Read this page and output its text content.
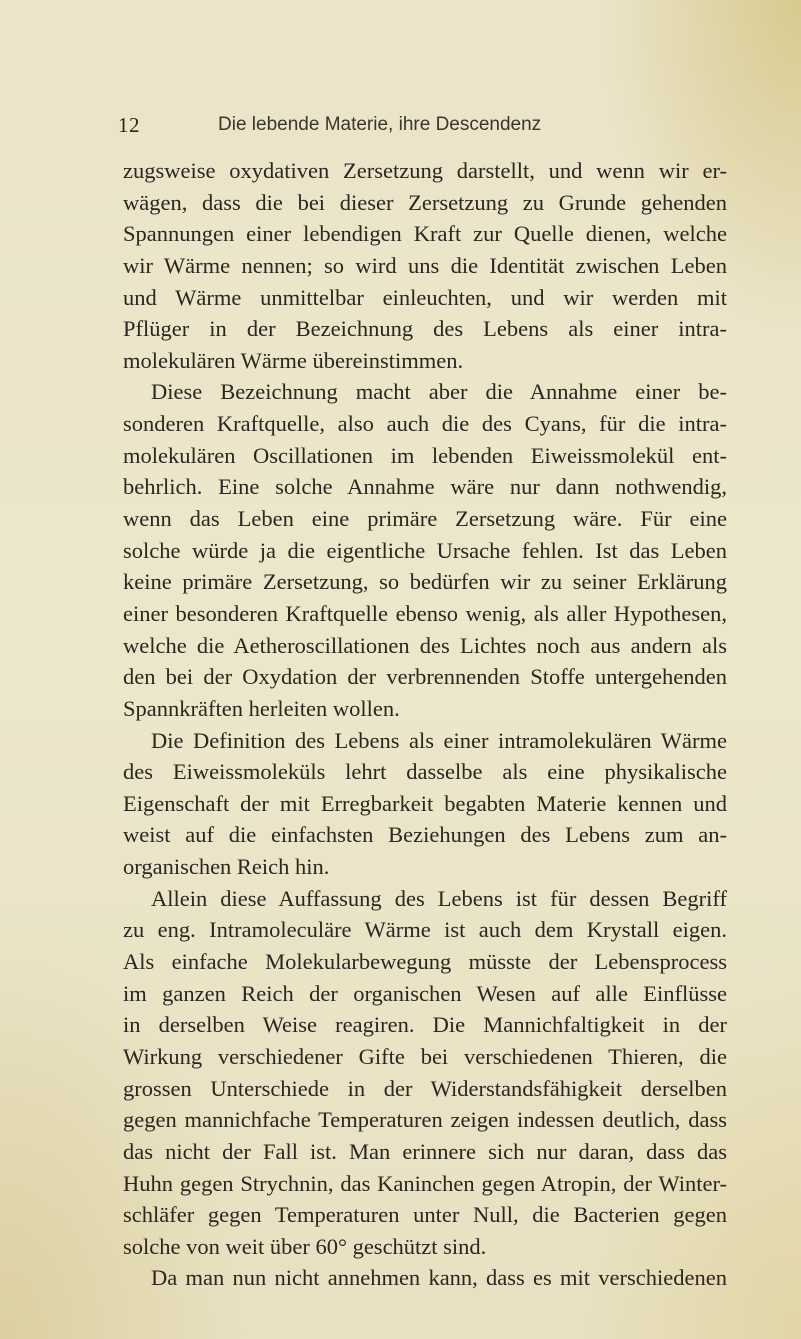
12	Die lebende Materie, ihre Descendenz
zugsweise oxydativen Zersetzung darstellt, und wenn wir er-
wägen, dass die bei dieser Zersetzung zu Grunde gehenden
Spannungen einer lebendigen Kraft zur Quelle dienen, welche
wir Wärme nennen; so wird uns die Identität zwischen Leben
und Wärme unmittelbar einleuchten, und wir werden mit
Pflüger in der Bezeichnung des Lebens als einer intra-
molekulären Wärme übereinstimmen.
Diese Bezeichnung macht aber die Annahme einer be-
sonderen Kraftquelle, also auch die des Cyans, für die intra-
molekulären Oscillationen im lebenden Eiweissmolekül ent-
behrlich. Eine solche Annahme wäre nur dann nothwendig,
wenn das Leben eine primäre Zersetzung wäre. Für eine
solche würde ja die eigentliche Ursache fehlen. Ist das Leben
keine primäre Zersetzung, so bedürfen wir zu seiner Erklärung
einer besonderen Kraftquelle ebenso wenig, als aller Hypothesen,
welche die Aetheroscillationen des Lichtes noch aus andern als
den bei der Oxydation der verbrennenden Stoffe untergehenden
Spannkräften herleiten wollen.
Die Definition des Lebens als einer intramolekulären Wärme
des Eiweissmoleküls lehrt dasselbe als eine physikalische
Eigenschaft der mit Erregbarkeit begabten Materie kennen und
weist auf die einfachsten Beziehungen des Lebens zum an-
organischen Reich hin.
Allein diese Auffassung des Lebens ist für dessen Begriff
zu eng. Intramoleculäre Wärme ist auch dem Krystall eigen.
Als einfache Molekularbewegung müsste der Lebensprocess
im ganzen Reich der organischen Wesen auf alle Einflüsse
in derselben Weise reagiren. Die Mannichfaltigkeit in der
Wirkung verschiedener Gifte bei verschiedenen Thieren, die
grossen Unterschiede in der Widerstandsfähigkeit derselben
gegen mannichfache Temperaturen zeigen indessen deutlich, dass
das nicht der Fall ist. Man erinnere sich nur daran, dass das
Huhn gegen Strychnin, das Kaninchen gegen Atropin, der Winter-
schläfer gegen Temperaturen unter Null, die Bacterien gegen
solche von weit über 60° geschützt sind.
Da man nun nicht annehmen kann, dass es mit verschiedenen
